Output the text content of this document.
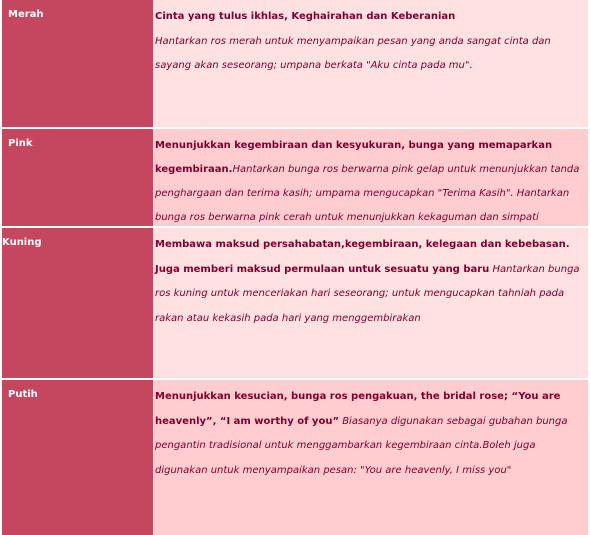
Merah	Cinta yang tulus ikhlas, Keghairahan dan Keberanian
Hantarkan ros merah untuk menyampaikan pesan yang anda sangat cinta dan sayang akan seseorang; umpana berkata "Aku cinta pada mu".
Pink	Menunjukkan kegembiraan dan kesyukuran, bunga yang memaparkan kegembiraan.Hantarkan bunga ros berwarna pink gelap untuk menunjukkan tanda penghargaan dan terima kasih; umpama mengucapkan "Terima Kasih". Hantarkan bunga ros berwarna pink cerah untuk menunjukkan kekaguman dan simpati
Kuning	Membawa maksud persahabatan,kegembiraan, kelegaan dan kebebasan. Juga memberi maksud permulaan untuk sesuatu yang baru Hantarkan bunga ros kuning untuk menceriakan hari seseorang; untuk mengucapkan tahniah pada rakan atau kekasih pada hari yang menggembirakan
Putih	Menunjukkan kesucian, bunga ros pengakuan, the bridal rose; “You are heavenly”, “I am worthy of you” Biasanya digunakan sebagai gubahan bunga pengantin tradisional untuk menggambarkan kegembiraan cinta.Boleh juga digunakan untuk menyampaikan pesan: "You are heavenly, I miss you"
